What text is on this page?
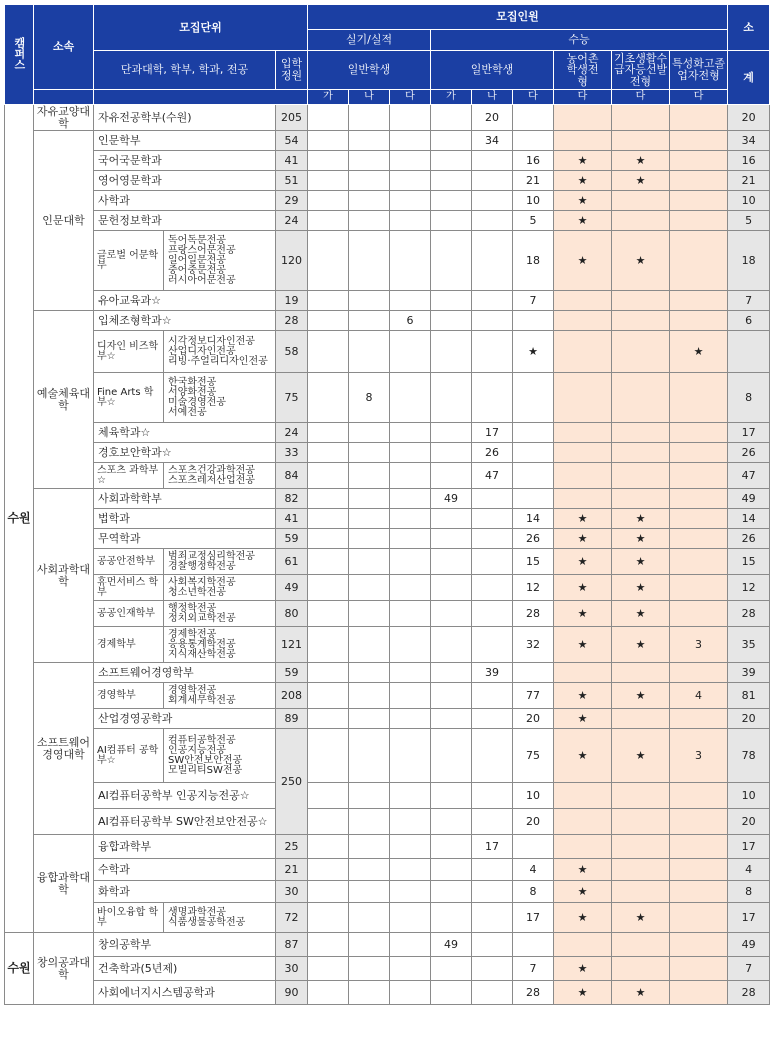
캠퍼스	소속	모집단위			모집인원									소
					실기/실적			수능						
		단과대학, 학부, 학과, 전공		입학정원	일반학생			일반학생			농어촌학생전형	기초생활수급자등선발전형	특성화고졸업자전형	계
					가	나	다	가	나	다	다	다	다	
수원	자유교양대학	자유전공학부(수원)		205					20					20
	인문대학	인문학부		54					34					34
		국어국문학과		41						16	★	★		16
		영어영문학과		51						21	★	★		21
		사학과		29						10	★			10
		문헌정보학과		24						5	★			5
		글로벌 어문학부	독어독문전공
프랑스어문전공
일어일문전공
중어중문전공
러시아어문전공	120						18	★	★		18
		유아교육과☆		19						7				7
	예술체육대학	입체조형학과☆		28			6							6
		디자인 비즈학부☆	시각정보디자인전공
산업디자인전공
리빙·주얼리디자인전공	58						★			★	
		Fine Arts 학부☆	한국화전공
서양화전공
미술경영전공
서예전공	75		8								8
		체육학과☆		24					17					17
		경호보안학과☆		33					26					26
		스포츠 과학부☆	스포츠건강과학전공
스포츠레저산업전공	84					47					47
	사회과학대학	사회과학학부		82				49						49
		법학과		41						14	★	★		14
		무역학과		59						26	★	★		26
		공공안전학부	범죄교정심리학전공
경찰행정학전공	61						15	★	★		15
		휴먼서비스 학부	사회복지학전공
청소년학전공	49						12	★	★		12
		공공인재학부	행정학전공
정치외교학전공	80						28	★	★		28
		경제학부	경제학전공
응용통계학전공
지식재산학전공	121						32	★	★	3	35
	소프트웨어경영대학	소프트웨어경영학부		59					39					39
		경영학부	경영학전공
회계세무학전공	208						77	★	★	4	81
		산업경영공학과		89						20	★			20
		AI컴퓨터 공학부☆	컴퓨터공학전공
인공지능전공
SW안전보안전공
모빌리티SW전공	250						75	★	★	3	78
		AI컴퓨터공학부 인공지능전공☆								10				10
		AI컴퓨터공학부 SW안전보안전공☆								20				20
	융합과학대학	융합과학부		25					17					17
		수학과		21						4	★			4
		화학과		30						8	★			8
		바이오융합 학부	생명과학전공
식품생물공학전공	72						17	★	★		17
수원	창의공과대학	창의공학부		87				49						49
		건축학과(5년제)		30						7	★			7
		사회에너지시스템공학과		90						28	★	★		28
